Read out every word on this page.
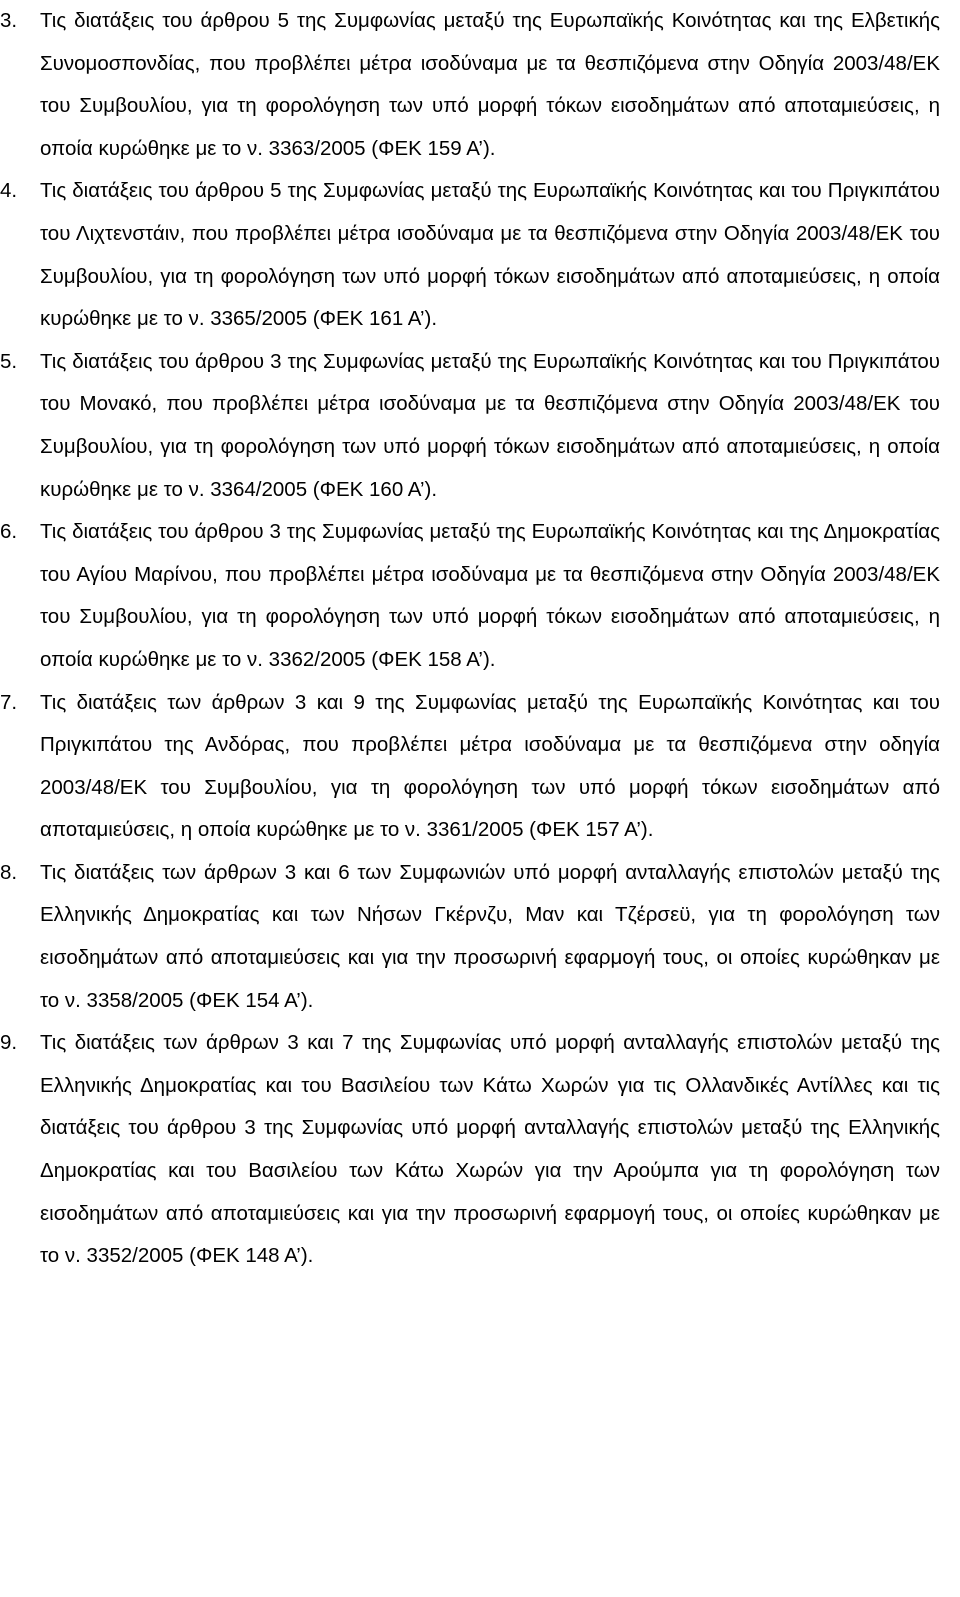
3. Τις διατάξεις του άρθρου 5 της Συμφωνίας μεταξύ της Ευρωπαϊκής Κοινότητας και της Ελβετικής Συνομοσπονδίας, που προβλέπει μέτρα ισοδύναμα με τα θεσπιζόμενα στην Οδηγία 2003/48/ΕΚ του Συμβουλίου, για τη φορολόγηση των υπό μορφή τόκων εισοδημάτων από αποταμιεύσεις, η οποία κυρώθηκε με το ν. 3363/2005 (ΦΕΚ 159 Α’).
4. Τις διατάξεις του άρθρου 5 της Συμφωνίας μεταξύ της Ευρωπαϊκής Κοινότητας και του Πριγκιπάτου του Λιχτενστάιν, που προβλέπει μέτρα ισοδύναμα με τα θεσπιζόμενα στην Οδηγία 2003/48/ΕΚ του Συμβουλίου, για τη φορολόγηση των υπό μορφή τόκων εισοδημάτων από αποταμιεύσεις, η οποία κυρώθηκε με το ν. 3365/2005 (ΦΕΚ 161 Α’).
5. Τις διατάξεις του άρθρου 3 της Συμφωνίας μεταξύ της Ευρωπαϊκής Κοινότητας και του Πριγκιπάτου του Μονακό, που προβλέπει μέτρα ισοδύναμα με τα θεσπιζόμενα στην Οδηγία 2003/48/ΕΚ του Συμβουλίου, για τη φορολόγηση των υπό μορφή τόκων εισοδημάτων από αποταμιεύσεις, η οποία κυρώθηκε με το ν. 3364/2005 (ΦΕΚ 160 Α’).
6. Τις διατάξεις του άρθρου 3 της Συμφωνίας μεταξύ της Ευρωπαϊκής Κοινότητας και της Δημοκρατίας του Αγίου Μαρίνου, που προβλέπει μέτρα ισοδύναμα με τα θεσπιζόμενα στην Οδηγία 2003/48/ΕΚ του Συμβουλίου, για τη φορολόγηση των υπό μορφή τόκων εισοδημάτων από αποταμιεύσεις, η οποία κυρώθηκε με το ν. 3362/2005 (ΦΕΚ 158 Α’).
7. Τις διατάξεις των άρθρων 3 και 9 της Συμφωνίας μεταξύ της Ευρωπαϊκής Κοινότητας και του Πριγκιπάτου της Ανδόρας, που προβλέπει μέτρα ισοδύναμα με τα θεσπιζόμενα στην οδηγία 2003/48/ΕΚ του Συμβουλίου, για τη φορολόγηση των υπό μορφή τόκων εισοδημάτων από αποταμιεύσεις, η οποία κυρώθηκε με το ν. 3361/2005 (ΦΕΚ 157 Α’).
8. Τις διατάξεις των άρθρων 3 και 6 των Συμφωνιών υπό μορφή ανταλλαγής επιστολών μεταξύ της Ελληνικής Δημοκρατίας και των Νήσων Γκέρνζυ, Μαν και Τζέρσεϋ, για τη φορολόγηση των εισοδημάτων από αποταμιεύσεις και για την προσωρινή εφαρμογή τους, οι οποίες κυρώθηκαν με το ν. 3358/2005 (ΦΕΚ 154 Α’).
9. Τις διατάξεις των άρθρων 3 και 7 της Συμφωνίας υπό μορφή ανταλλαγής επιστολών μεταξύ της Ελληνικής Δημοκρατίας και του Βασιλείου των Κάτω Χωρών για τις Ολλανδικές Αντίλλες και τις διατάξεις του άρθρου 3 της Συμφωνίας υπό μορφή ανταλλαγής επιστολών μεταξύ της Ελληνικής Δημοκρατίας και του Βασιλείου των Κάτω Χωρών για την Αρούμπα για τη φορολόγηση των εισοδημάτων από αποταμιεύσεις και για την προσωρινή εφαρμογή τους, οι οποίες κυρώθηκαν με το ν. 3352/2005 (ΦΕΚ 148 Α’).
